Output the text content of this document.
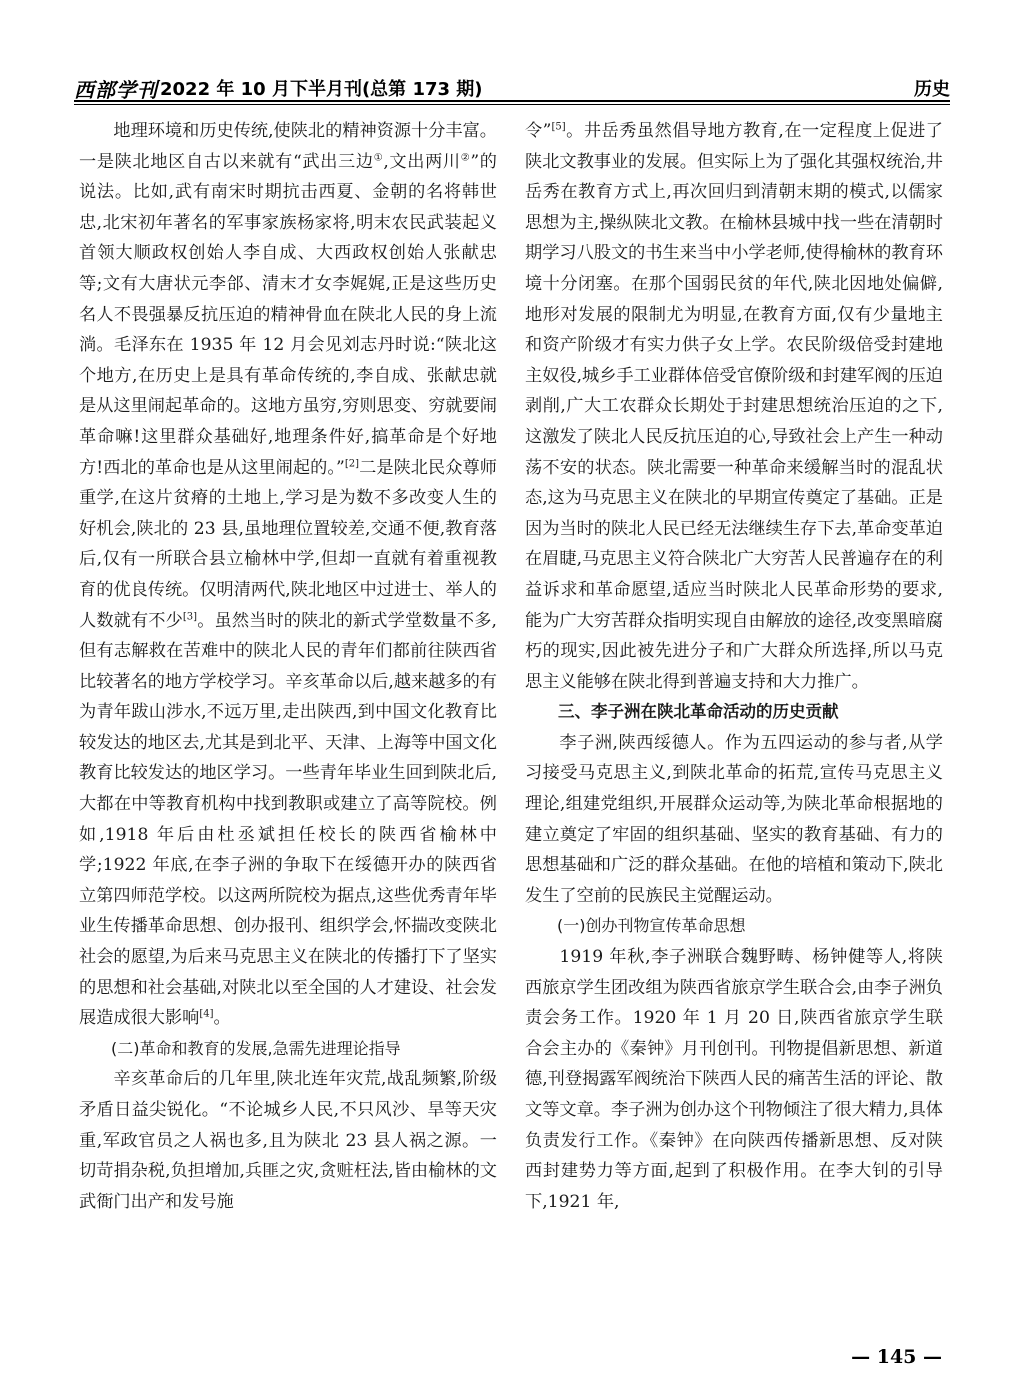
西部学刊 2022 年 10 月下半月刊(总第 173 期)	历史

地理环境和历史传统,使陕北的精神资源十分丰富。一是陕北地区自古以来就有“武出三边①,文出两川②”的说法。比如,武有南宋时期抗击西夏、金朝的名将韩世忠,北宋初年著名的军事家族杨家将,明末农民武装起义首领大顺政权创始人李自成、大西政权创始人张献忠等;文有大唐状元李郃、清末才女李娓娓,正是这些历史名人不畏强暴反抗压迫的精神骨血在陕北人民的身上流淌。毛泽东在 1935 年 12 月会见刘志丹时说:“陕北这个地方,在历史上是具有革命传统的,李自成、张献忠就是从这里闹起革命的。这地方虽穷,穷则思变、穷就要闹革命嘛!这里群众基础好,地理条件好,搞革命是个好地方!西北的革命也是从这里闹起的。”[2]二是陕北民众尊师重学,在这片贫瘠的土地上,学习是为数不多改变人生的好机会,陕北的 23 县,虽地理位置较差,交通不便,教育落后,仅有一所联合县立榆林中学,但却一直就有着重视教育的优良传统。仅明清两代,陕北地区中过进士、举人的人数就有不少[3]。虽然当时的陕北的新式学堂数量不多,但有志解救在苦难中的陕北人民的青年们都前往陕西省比较著名的地方学校学习。辛亥革命以后,越来越多的有为青年跋山涉水,不远万里,走出陕西,到中国文化教育比较发达的地区去,尤其是到北平、天津、上海等中国文化教育比较发达的地区学习。一些青年毕业生回到陕北后,大都在中等教育机构中找到教职或建立了高等院校。例如,1918 年后由杜丞斌担任校长的陕西省榆林中学;1922 年底,在李子洲的争取下在绥德开办的陕西省立第四师范学校。以这两所院校为据点,这些优秀青年毕业生传播革命思想、创办报刊、组织学会,怀揣改变陕北社会的愿望,为后来马克思主义在陕北的传播打下了坚实的思想和社会基础,对陕北以至全国的人才建设、社会发展造成很大影响[4]。

(二)革命和教育的发展,急需先进理论指导

辛亥革命后的几年里,陕北连年灾荒,战乱频繁,阶级矛盾日益尖锐化。“不论城乡人民,不只风沙、旱等天灾重,军政官员之人祸也多,且为陕北 23 县人祸之源。一切苛捐杂税,负担增加,兵匪之灾,贪赃枉法,皆由榆林的文武衙门出产和发号施

令”[5]。井岳秀虽然倡导地方教育,在一定程度上促进了陕北文教事业的发展。但实际上为了强化其强权统治,井岳秀在教育方式上,再次回归到清朝末期的模式,以儒家思想为主,操纵陕北文教。在榆林县城中找一些在清朝时期学习八股文的书生来当中小学老师,使得榆林的教育环境十分闭塞。在那个国弱民贫的年代,陕北因地处偏僻,地形对发展的限制尤为明显,在教育方面,仅有少量地主和资产阶级才有实力供子女上学。农民阶级倍受封建地主奴役,城乡手工业群体倍受官僚阶级和封建军阀的压迫剥削,广大工农群众长期处于封建思想统治压迫的之下,这激发了陕北人民反抗压迫的心,导致社会上产生一种动荡不安的状态。陕北需要一种革命来缓解当时的混乱状态,这为马克思主义在陕北的早期宣传奠定了基础。正是因为当时的陕北人民已经无法继续生存下去,革命变革迫在眉睫,马克思主义符合陕北广大穷苦人民普遍存在的利益诉求和革命愿望,适应当时陕北人民革命形势的要求,能为广大穷苦群众指明实现自由解放的途径,改变黑暗腐朽的现实,因此被先进分子和广大群众所选择,所以马克思主义能够在陕北得到普遍支持和大力推广。

三、李子洲在陕北革命活动的历史贡献

李子洲,陕西绥德人。作为五四运动的参与者,从学习接受马克思主义,到陕北革命的拓荒,宣传马克思主义理论,组建党组织,开展群众运动等,为陕北革命根据地的建立奠定了牢固的组织基础、坚实的教育基础、有力的思想基础和广泛的群众基础。在他的培植和策动下,陕北发生了空前的民族民主觉醒运动。

(一)创办刊物宣传革命思想

1919 年秋,李子洲联合魏野畴、杨钟健等人,将陕西旅京学生团改组为陕西省旅京学生联合会,由李子洲负责会务工作。1920 年 1 月 20 日,陕西省旅京学生联合会主办的《秦钟》月刊创刊。刊物提倡新思想、新道德,刊登揭露军阀统治下陕西人民的痛苦生活的评论、散文等文章。李子洲为创办这个刊物倾注了很大精力,具体负责发行工作。《秦钟》在向陕西传播新思想、反对陕西封建势力等方面,起到了积极作用。在李大钊的引导下,1921 年,

— 145 —
